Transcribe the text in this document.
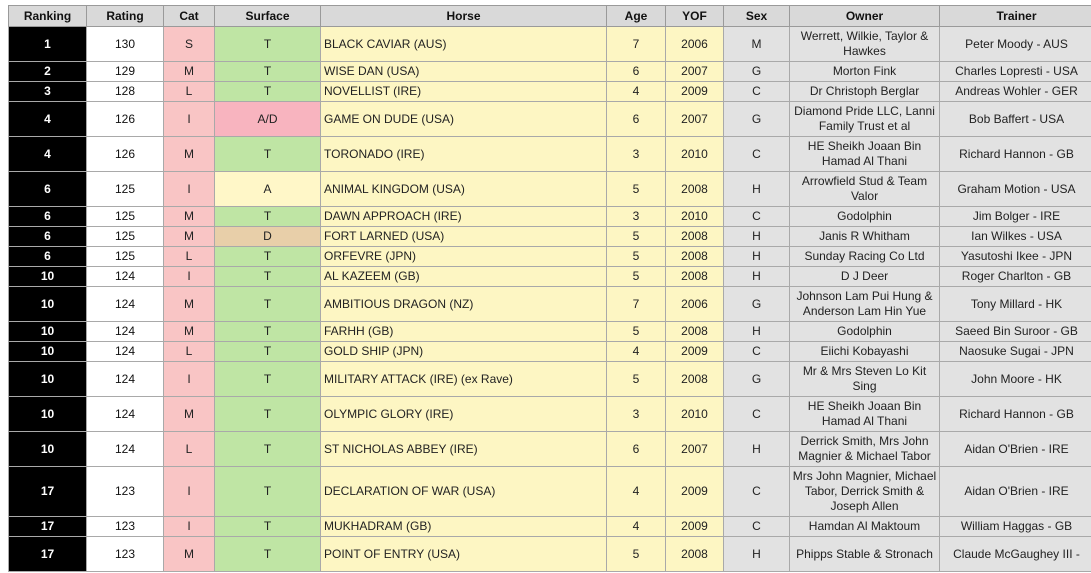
Ranking	Rating	Cat	Surface	Horse	Age	YOF	Sex	Owner	Trainer
1	130	S	T	BLACK CAVIAR (AUS)	7	2006	M	Werrett, Wilkie, Taylor & Hawkes	Peter Moody - AUS
2	129	M	T	WISE DAN (USA)	6	2007	G	Morton Fink	Charles Lopresti - USA
3	128	L	T	NOVELLIST (IRE)	4	2009	C	Dr Christoph Berglar	Andreas Wohler - GER
4	126	I	A/D	GAME ON DUDE (USA)	6	2007	G	Diamond Pride LLC, Lanni Family Trust et al	Bob Baffert - USA
4	126	M	T	TORONADO (IRE)	3	2010	C	HE Sheikh Joaan Bin Hamad Al Thani	Richard Hannon - GB
6	125	I	A	ANIMAL KINGDOM (USA)	5	2008	H	Arrowfield Stud & Team Valor	Graham Motion - USA
6	125	M	T	DAWN APPROACH (IRE)	3	2010	C	Godolphin	Jim Bolger - IRE
6	125	M	D	FORT LARNED (USA)	5	2008	H	Janis R Whitham	Ian Wilkes - USA
6	125	L	T	ORFEVRE (JPN)	5	2008	H	Sunday Racing Co Ltd	Yasutoshi Ikee - JPN
10	124	I	T	AL KAZEEM (GB)	5	2008	H	D J Deer	Roger Charlton - GB
10	124	M	T	AMBITIOUS DRAGON (NZ)	7	2006	G	Johnson Lam Pui Hung & Anderson Lam Hin Yue	Tony Millard - HK
10	124	M	T	FARHH (GB)	5	2008	H	Godolphin	Saeed Bin Suroor - GB
10	124	L	T	GOLD SHIP (JPN)	4	2009	C	Eiichi Kobayashi	Naosuke Sugai - JPN
10	124	I	T	MILITARY ATTACK (IRE) (ex Rave)	5	2008	G	Mr & Mrs Steven Lo Kit Sing	John Moore - HK
10	124	M	T	OLYMPIC GLORY (IRE)	3	2010	C	HE Sheikh Joaan Bin Hamad Al Thani	Richard Hannon - GB
10	124	L	T	ST NICHOLAS ABBEY (IRE)	6	2007	H	Derrick Smith, Mrs John Magnier & Michael Tabor	Aidan O'Brien - IRE
17	123	I	T	DECLARATION OF WAR (USA)	4	2009	C	Mrs John Magnier, Michael Tabor, Derrick Smith & Joseph Allen	Aidan O'Brien - IRE
17	123	I	T	MUKHADRAM (GB)	4	2009	C	Hamdan Al Maktoum	William Haggas - GB
17	123	M	T	POINT OF ENTRY (USA)	5	2008	H	Phipps Stable & Stronach	Claude McGaughey III -
